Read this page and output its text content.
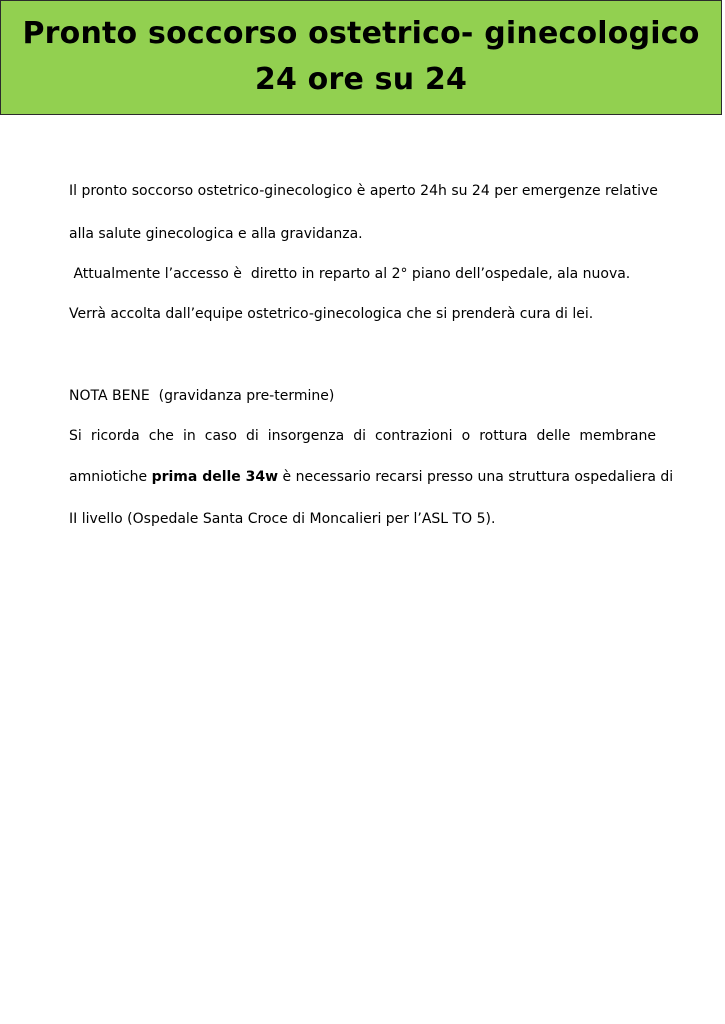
Pronto soccorso ostetrico- ginecologico
24 ore su 24
Il pronto soccorso ostetrico-ginecologico è aperto 24h su 24 per emergenze relative
alla salute ginecologica e alla gravidanza.
Attualmente l’accesso è  diretto in reparto al 2° piano dell’ospedale, ala nuova.
Verrà accolta dall’equipe ostetrico-ginecologica che si prenderà cura di lei.
NOTA BENE  (gravidanza pre-termine)
Si ricorda che in caso di insorgenza di contrazioni o rottura delle membrane
amniotiche prima delle 34w è necessario recarsi presso una struttura ospedaliera di
II livello (Ospedale Santa Croce di Moncalieri per l’ASL TO 5).
